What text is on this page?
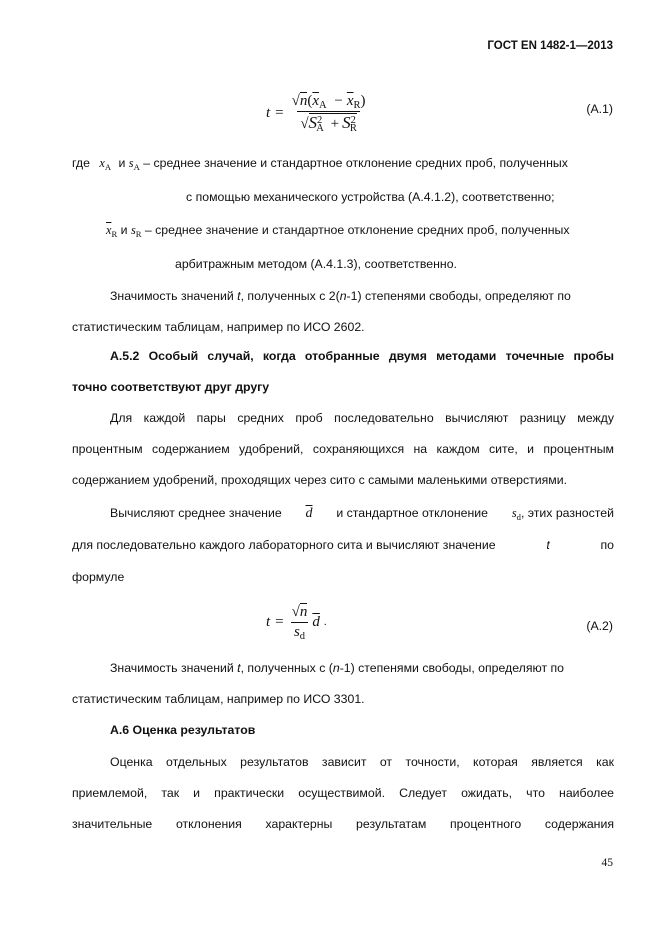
ГОСТ EN 1482-1—2013
$t = \frac{√n(\overline{x}_A - \overline{x}_R)}{√S^2_A + S^2_R}$	(A.1)
где $x_A$ и $s_A$ – среднее значение и стандартное отклонение средних проб, полученных
с помощью механического устройства (A.4.1.2), соответственно;
$\overline{x}_R$ и $s_R$ – среднее значение и стандартное отклонение средних проб, полученных
арбитражным методом (A.4.1.3), соответственно.
Значимость значений t, полученных с 2(n-1) степенями свободы, определяют по
статистическим таблицам, например по ИСО 2602.
A.5.2 Особый случай, когда отобранные двумя методами точечные пробы
точно соответствуют друг другу
Для каждой пары средних проб последовательно вычисляют разницу между
процентным содержанием удобрений, сохраняющихся на каждом сите, и процентным
содержанием удобрений, проходящих через сито с самыми маленькими отверстиями.
Вычисляют среднее значение $\overline{d}$ и стандартное отклонение $s_d$, этих разностей
для последовательно каждого лабораторного сита и вычисляют значение	t	по
формуле
$t = \frac{√n}{s_d} \overline{d}$ .	(A.2)
Значимость значений t, полученных с (n-1) степенями свободы, определяют по
статистическим таблицам, например по ИСО 3301.
A.6 Оценка результатов
Оценка отдельных результатов зависит от точности, которая является как
приемлемой, так и практически осуществимой. Следует ожидать, что наиболее
значительные отклонения характерны результатам процентного содержания
45
